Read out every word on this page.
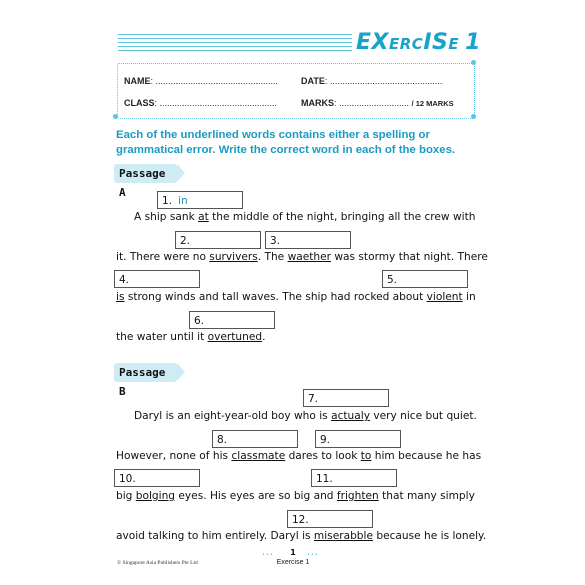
EXERCISE 1
NAME: .................................................	DATE: .............................................
CLASS: ...............................................	MARKS: ............................ / 12 MARKS
Each of the underlined words contains either a spelling or grammatical error. Write the correct word in each of the boxes.
Passage A
1. in
A ship sank at the middle of the night, bringing all the crew with
2.	3.
it. There were no survivers. The waether was stormy that night. There
4.	5.
is strong winds and tall waves. The ship had rocked about violent in
6.
the water until it overtuned.
Passage B
7.
Daryl is an eight-year-old boy who is actualy very nice but quiet.
8.	9.
However, none of his classmate dares to look to him because he has
10.	11.
big bolging eyes. His eyes are so big and frighten that many simply
12.
avoid talking to him entirely. Daryl is miserabble because he is lonely.
© Singapore Asia Publishers Pte Ltd
•••	1	•••
Exercise 1
